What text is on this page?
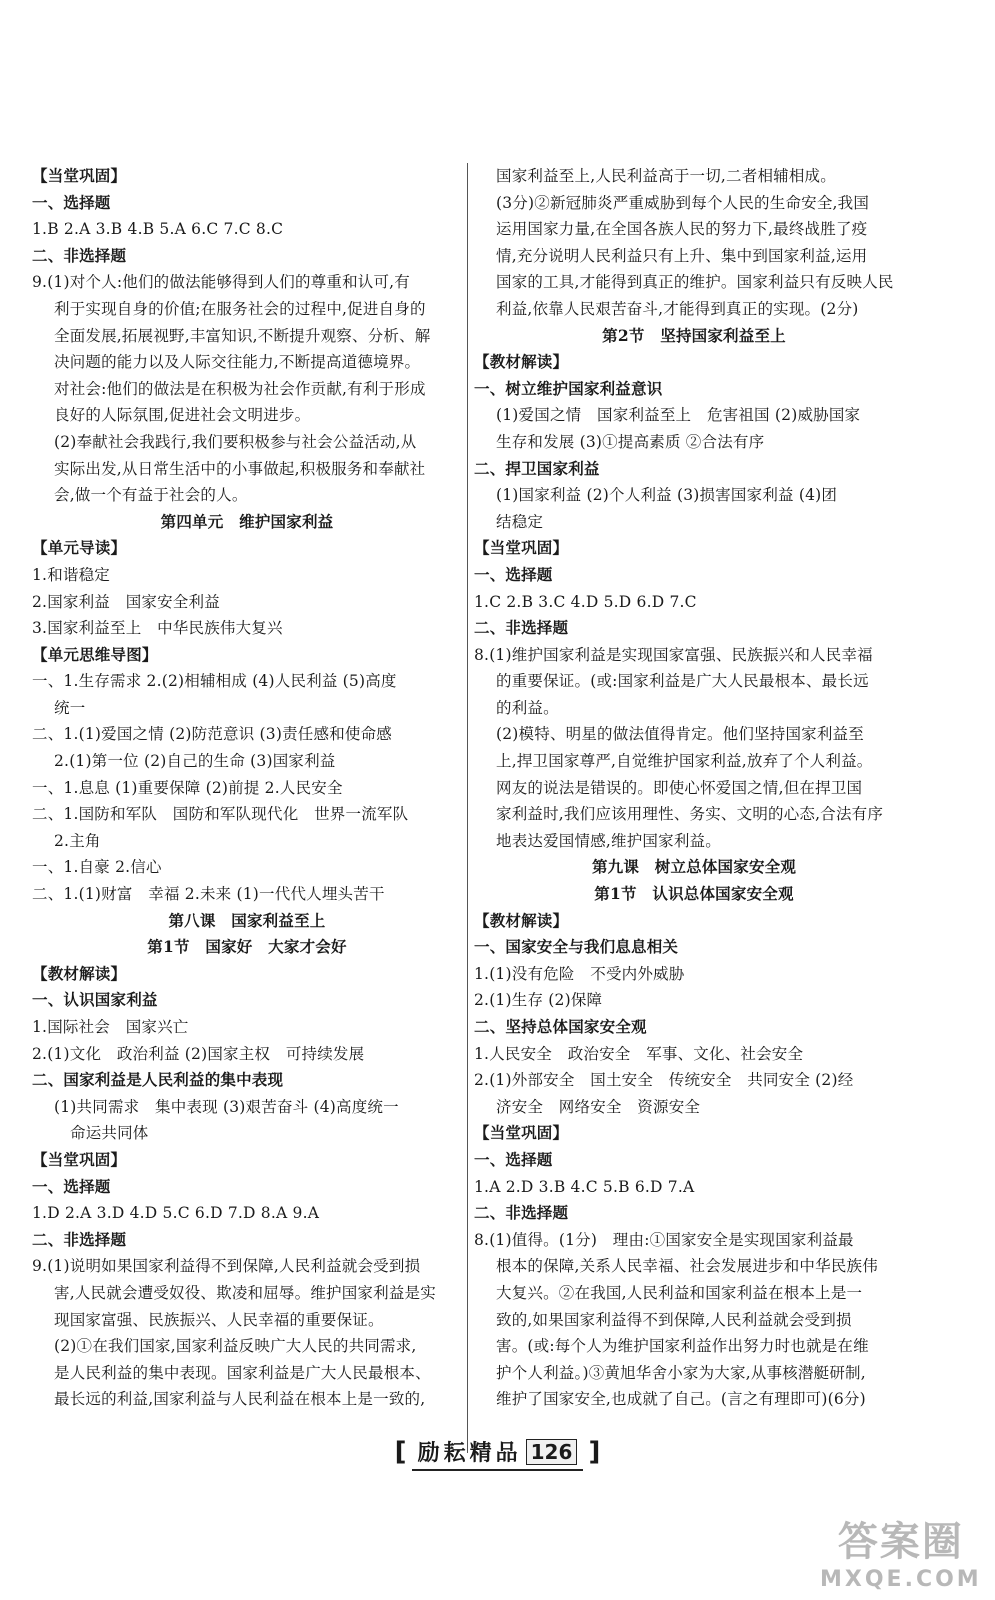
【当堂巩固】
一、选择题
1.B 2.A 3.B 4.B 5.A 6.C 7.C 8.C
二、非选择题
9.(1)对个人:他们的做法能够得到人们的尊重和认可,有
利于实现自身的价值;在服务社会的过程中,促进自身的
全面发展,拓展视野,丰富知识,不断提升观察、分析、解
决问题的能力以及人际交往能力,不断提高道德境界。
对社会:他们的做法是在积极为社会作贡献,有利于形成
良好的人际氛围,促进社会文明进步。
(2)奉献社会我践行,我们要积极参与社会公益活动,从
实际出发,从日常生活中的小事做起,积极服务和奉献社
会,做一个有益于社会的人。
第四单元　维护国家利益
【单元导读】
1.和谐稳定
2.国家利益　国家安全利益
3.国家利益至上　中华民族伟大复兴
【单元思维导图】
一、1.生存需求 2.(2)相辅相成 (4)人民利益 (5)高度
统一
二、1.(1)爱国之情 (2)防范意识 (3)责任感和使命感
2.(1)第一位 (2)自己的生命 (3)国家利益
一、1.息息 (1)重要保障 (2)前提 2.人民安全
二、1.国防和军队　国防和军队现代化　世界一流军队
2.主角
一、1.自豪 2.信心
二、1.(1)财富　幸福 2.未来 (1)一代代人埋头苦干
第八课　国家利益至上
第1节　国家好　大家才会好
【教材解读】
一、认识国家利益
1.国际社会　国家兴亡
2.(1)文化　政治利益 (2)国家主权　可持续发展
二、国家利益是人民利益的集中表现
(1)共同需求　集中表现 (3)艰苦奋斗 (4)高度统一
命运共同体
【当堂巩固】
一、选择题
1.D 2.A 3.D 4.D 5.C 6.D 7.D 8.A 9.A
二、非选择题
9.(1)说明如果国家利益得不到保障,人民利益就会受到损
害,人民就会遭受奴役、欺凌和屈辱。维护国家利益是实
现国家富强、民族振兴、人民幸福的重要保证。
(2)①在我们国家,国家利益反映广大人民的共同需求,
是人民利益的集中表现。国家利益是广大人民最根本、
最长远的利益,国家利益与人民利益在根本上是一致的,
国家利益至上,人民利益高于一切,二者相辅相成。
(3分)②新冠肺炎严重威胁到每个人民的生命安全,我国
运用国家力量,在全国各族人民的努力下,最终战胜了疫
情,充分说明人民利益只有上升、集中到国家利益,运用
国家的工具,才能得到真正的维护。国家利益只有反映人民
利益,依靠人民艰苦奋斗,才能得到真正的实现。(2分)
第2节　坚持国家利益至上
【教材解读】
一、树立维护国家利益意识
(1)爱国之情　国家利益至上　危害祖国 (2)威胁国家
生存和发展 (3)①提高素质 ②合法有序
二、捍卫国家利益
(1)国家利益 (2)个人利益 (3)损害国家利益 (4)团
结稳定
【当堂巩固】
一、选择题
1.C 2.B 3.C 4.D 5.D 6.D 7.C
二、非选择题
8.(1)维护国家利益是实现国家富强、民族振兴和人民幸福
的重要保证。(或:国家利益是广大人民最根本、最长远
的利益。
(2)模特、明星的做法值得肯定。他们坚持国家利益至
上,捍卫国家尊严,自觉维护国家利益,放弃了个人利益。
网友的说法是错误的。即使心怀爱国之情,但在捍卫国
家利益时,我们应该用理性、务实、文明的心态,合法有序
地表达爱国情感,维护国家利益。
第九课　树立总体国家安全观
第1节　认识总体国家安全观
【教材解读】
一、国家安全与我们息息相关
1.(1)没有危险　不受内外威胁
2.(1)生存 (2)保障
二、坚持总体国家安全观
1.人民安全　政治安全　军事、文化、社会安全
2.(1)外部安全　国土安全　传统安全　共同安全 (2)经
济安全　网络安全　资源安全
【当堂巩固】
一、选择题
1.A 2.D 3.B 4.C 5.B 6.D 7.A
二、非选择题
8.(1)值得。(1分)　理由:①国家安全是实现国家利益最
根本的保障,关系人民幸福、社会发展进步和中华民族伟
大复兴。②在我国,人民利益和国家利益在根本上是一
致的,如果国家利益得不到保障,人民利益就会受到损
害。(或:每个人为维护国家利益作出努力时也就是在维
护个人利益。)③黄旭华舍小家为大家,从事核潜艇研制,
维护了国家安全,也成就了自己。(言之有理即可)(6分)
[ 励耘精品 126 ]
答案圈
MXQE.COM
